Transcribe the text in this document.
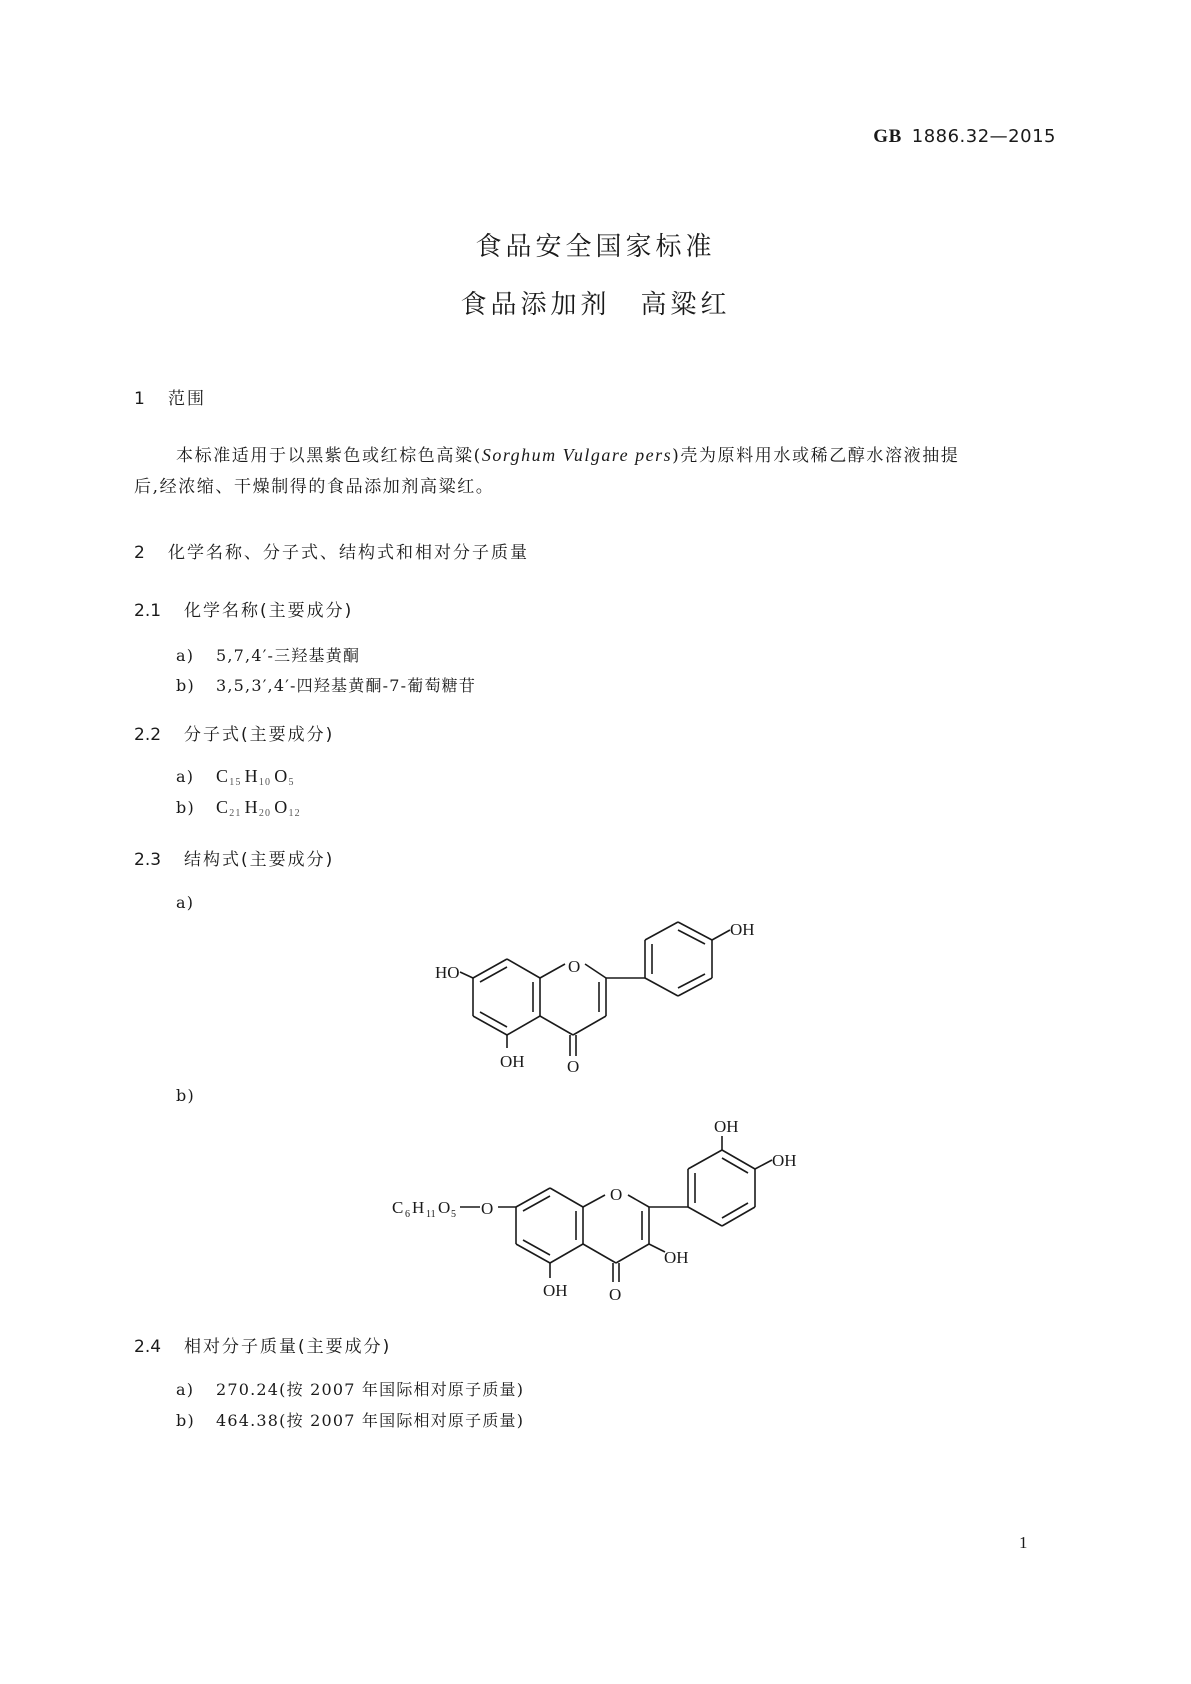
GB 1886.32—2015
食品安全国家标准
食品添加剂　高粱红
1 范围
本标准适用于以黑紫色或红棕色高粱(Sorghum Vulgare pers)壳为原料用水或稀乙醇水溶液抽提
后,经浓缩、干燥制得的食品添加剂高粱红。
2 化学名称、分子式、结构式和相对分子质量
2.1 化学名称(主要成分)
a) 5,7,4′-三羟基黄酮
b) 3,5,3′,4′-四羟基黄酮-7-葡萄糖苷
2.2 分子式(主要成分)
a) $C_{15}$ $H_{10}$ $O_5$
b) $C_{21}$ $H_{20}$ $O_{12}$
2.3 结构式(主要成分)
a)
HO	O
OH
OH O
b)
C 6 H 11 O 5 O
O
OH
OH
OH
OH O
2.4 相对分子质量(主要成分)
a) 270.24(按 2007 年国际相对原子质量)
b) 464.38(按 2007 年国际相对原子质量)
1
